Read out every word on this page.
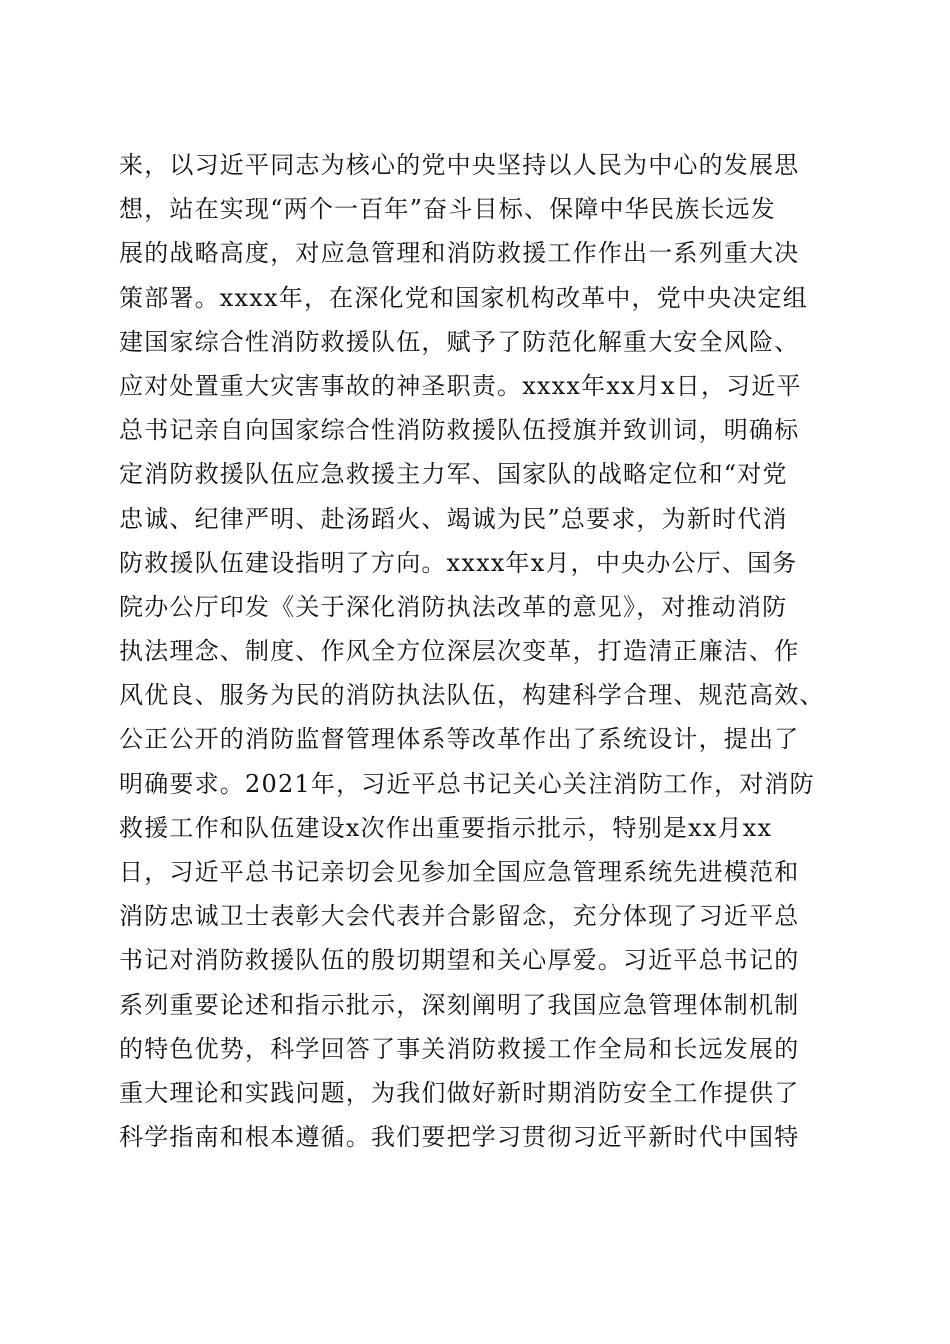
来，以习近平同志为核心的党中央坚持以人民为中心的发展思
想，站在实现“两个一百年”奋斗目标、保障中华民族长远发
展的战略高度，对应急管理和消防救援工作作出一系列重大决
策部署。xxxx年，在深化党和国家机构改革中，党中央决定组
建国家综合性消防救援队伍，赋予了防范化解重大安全风险、
应对处置重大灾害事故的神圣职责。xxxx年xx月x日，习近平
总书记亲自向国家综合性消防救援队伍授旗并致训词，明确标
定消防救援队伍应急救援主力军、国家队的战略定位和“对党
忠诚、纪律严明、赴汤蹈火、竭诚为民”总要求，为新时代消
防救援队伍建设指明了方向。xxxx年x月，中央办公厅、国务
院办公厅印发《关于深化消防执法改革的意见》，对推动消防
执法理念、制度、作风全方位深层次变革，打造清正廉洁、作
风优良、服务为民的消防执法队伍，构建科学合理、规范高效、
公正公开的消防监督管理体系等改革作出了系统设计，提出了
明确要求。2021年，习近平总书记关心关注消防工作，对消防
救援工作和队伍建设x次作出重要指示批示，特别是xx月xx
日，习近平总书记亲切会见参加全国应急管理系统先进模范和
消防忠诚卫士表彰大会代表并合影留念，充分体现了习近平总
书记对消防救援队伍的殷切期望和关心厚爱。习近平总书记的
系列重要论述和指示批示，深刻阐明了我国应急管理体制机制
的特色优势，科学回答了事关消防救援工作全局和长远发展的
重大理论和实践问题，为我们做好新时期消防安全工作提供了
科学指南和根本遵循。我们要把学习贯彻习近平新时代中国特
